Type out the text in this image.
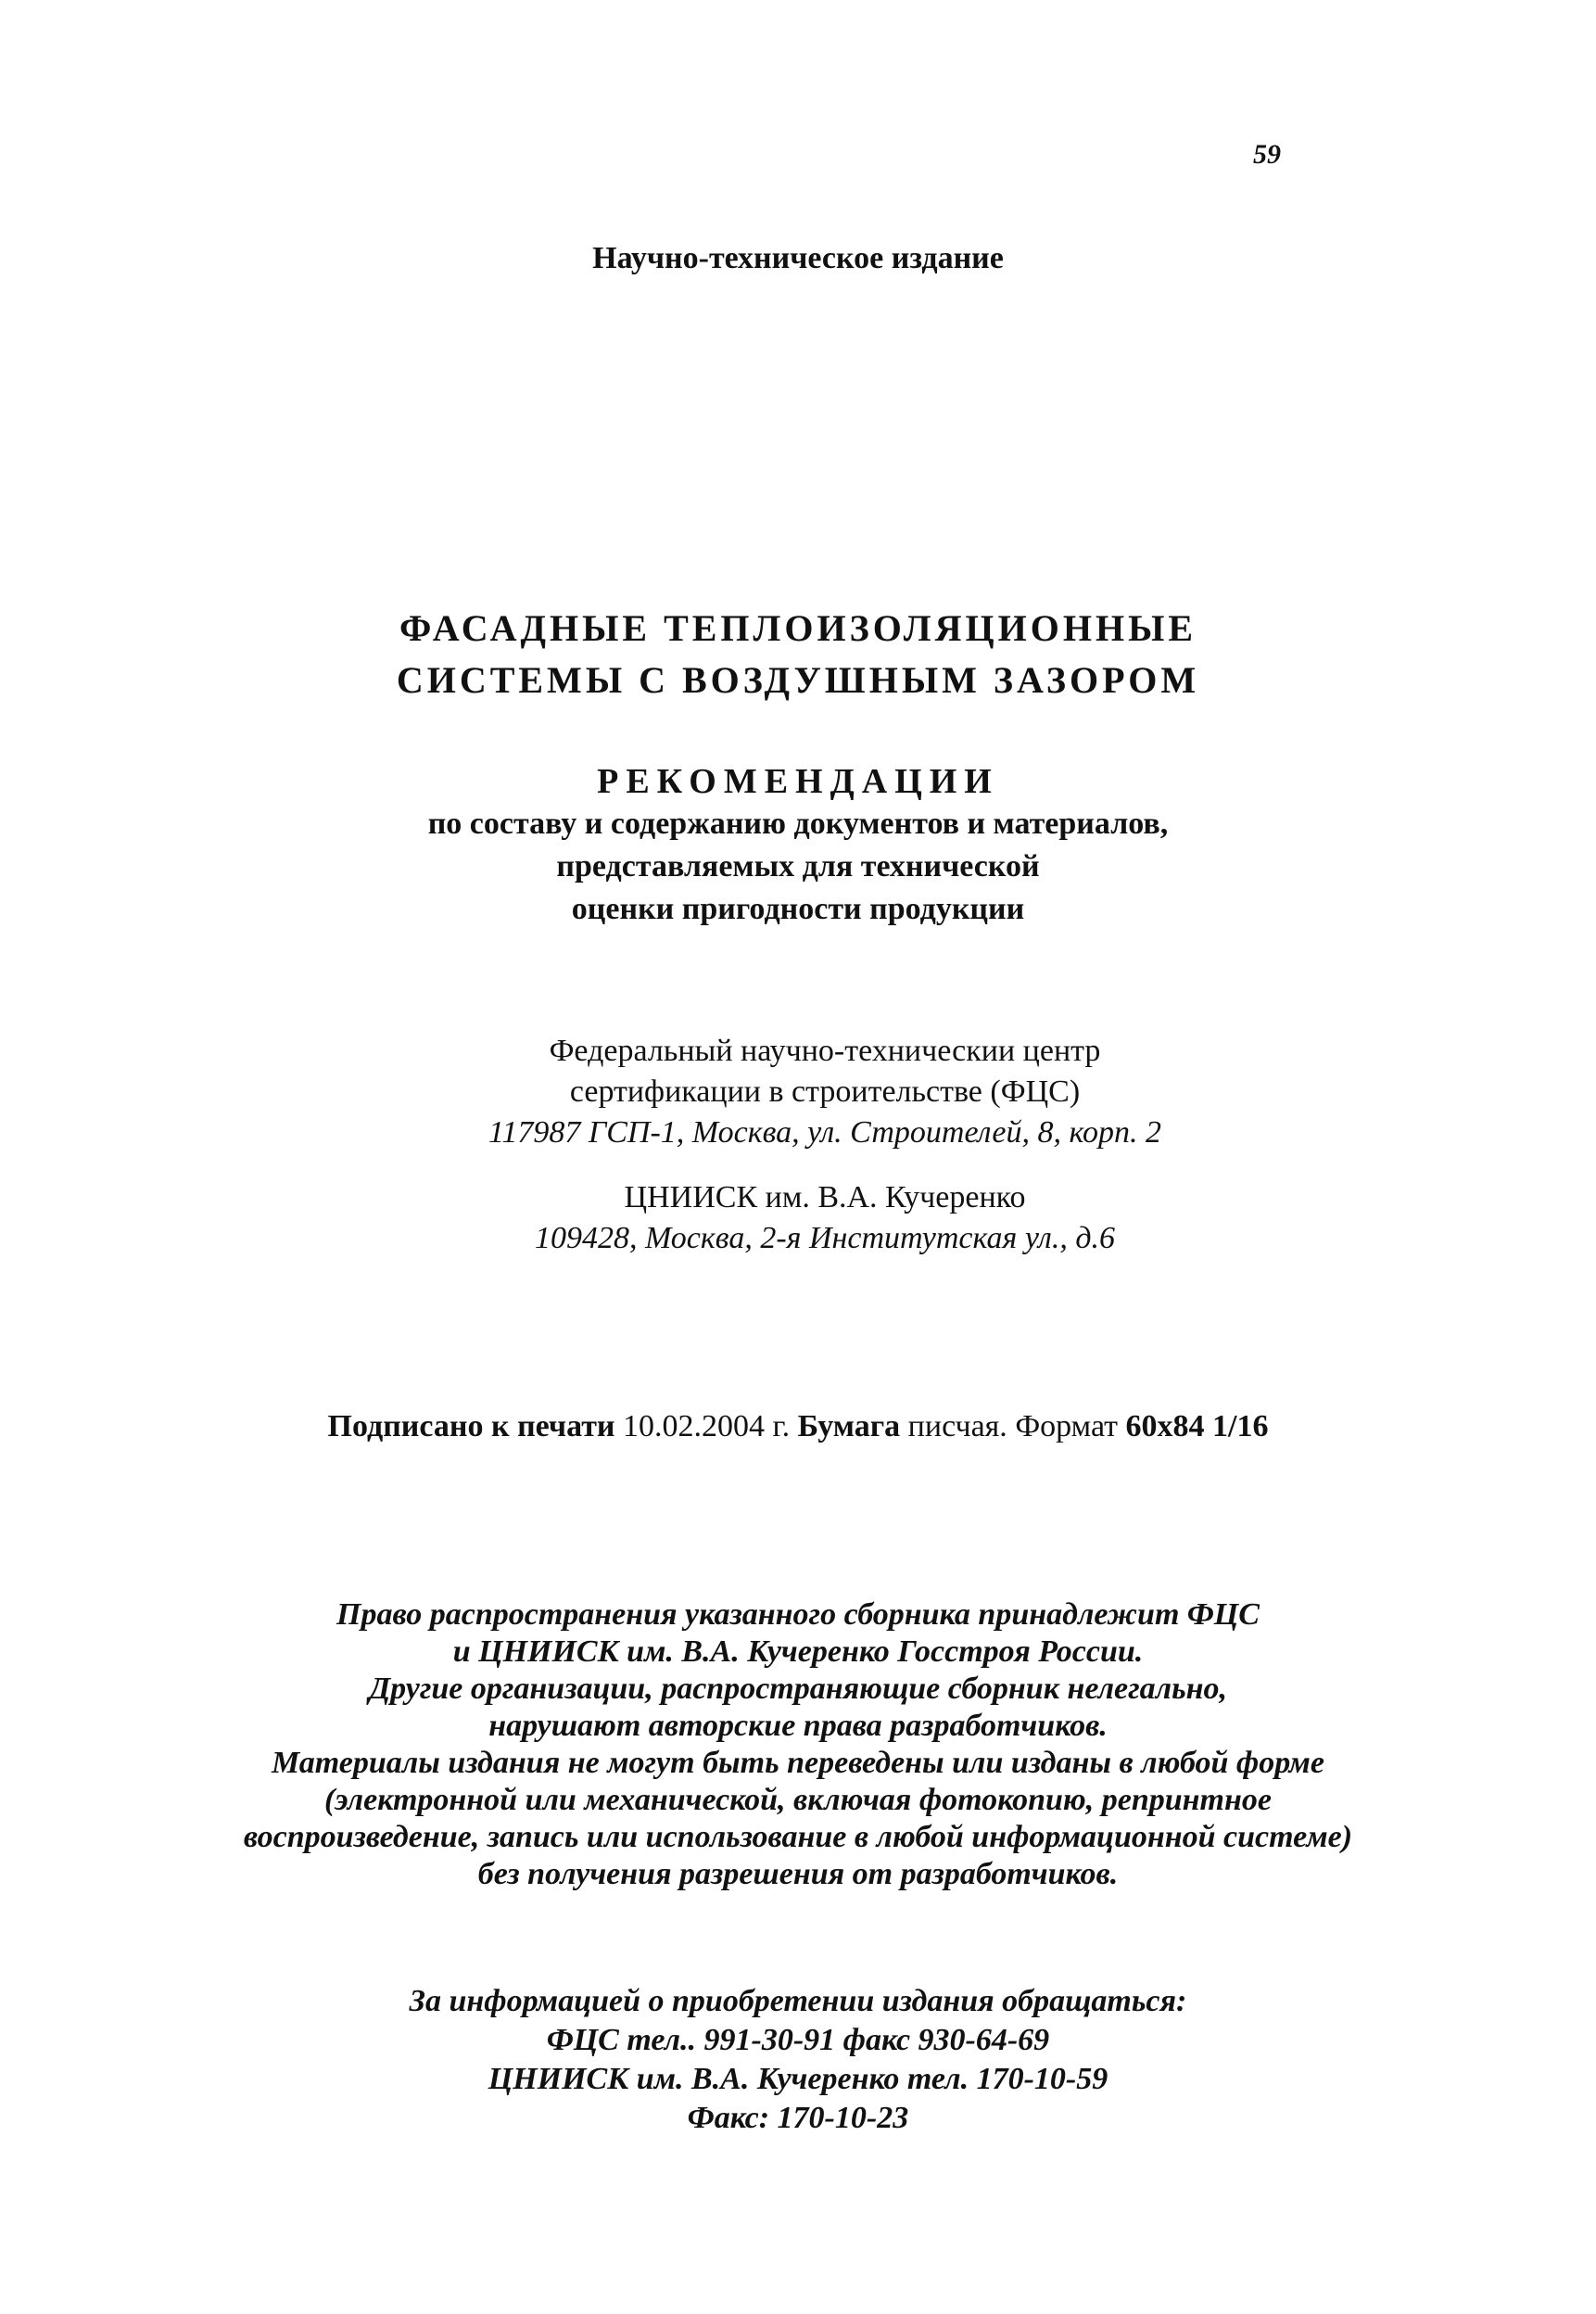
59
Научно-техническое издание
ФАСАДНЫЕ ТЕПЛОИЗОЛЯЦИОННЫЕ
СИСТЕМЫ С ВОЗДУШНЫМ ЗАЗОРОМ
РЕКОМЕНДАЦИИ
по составу и содержанию документов и материалов,
представляемых для технической
оценки пригодности продукции
Федеральный научно-техническии центр
сертификации в строительстве (ФЦС)
117987 ГСП-1, Москва, ул. Строителей, 8, корп. 2
ЦНИИСК им. В.А. Кучеренко
109428, Москва, 2-я Институтская ул., д.6
Подписано к печати 10.02.2004 г. Бумага писчая. Формат 60х84 1/16
Право распространения указанного сборника принадлежит ФЦС
и ЦНИИСК им. В.А. Кучеренко Госстроя России.
Другие организации, распространяющие сборник нелегально,
нарушают авторские права разработчиков.
Материалы издания не могут быть переведены или изданы в любой форме
(электронной или механической, включая фотокопию, репринтное
воспроизведение, запись или использование в любой информационной системе)
без получения разрешения от разработчиков.
За информацией о приобретении издания обращаться:
ФЦС тел.. 991-30-91 факс 930-64-69
ЦНИИСК им. В.А. Кучеренко тел. 170-10-59
Факс: 170-10-23
